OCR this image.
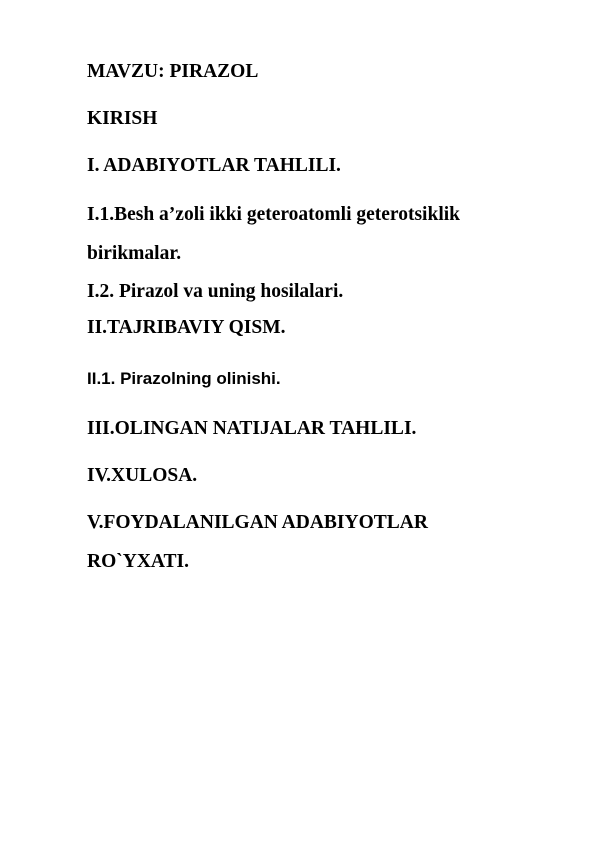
MAVZU: PIRAZOL

KIRISH

I. ADABIYOTLAR TAHLILI.

I.1.Besh a’zoli ikki geteroatomli geterotsiklik

birikmalar.

I.2. Pirazol va uning hosilalari.

II.TAJRIBAVIY QISM.

II.1. Pirazolning olinishi.

III.OLINGAN NATIJALAR TAHLILI.

IV.XULOSA.

V.FOYDALANILGAN ADABIYOTLAR

RO`YXATI.
